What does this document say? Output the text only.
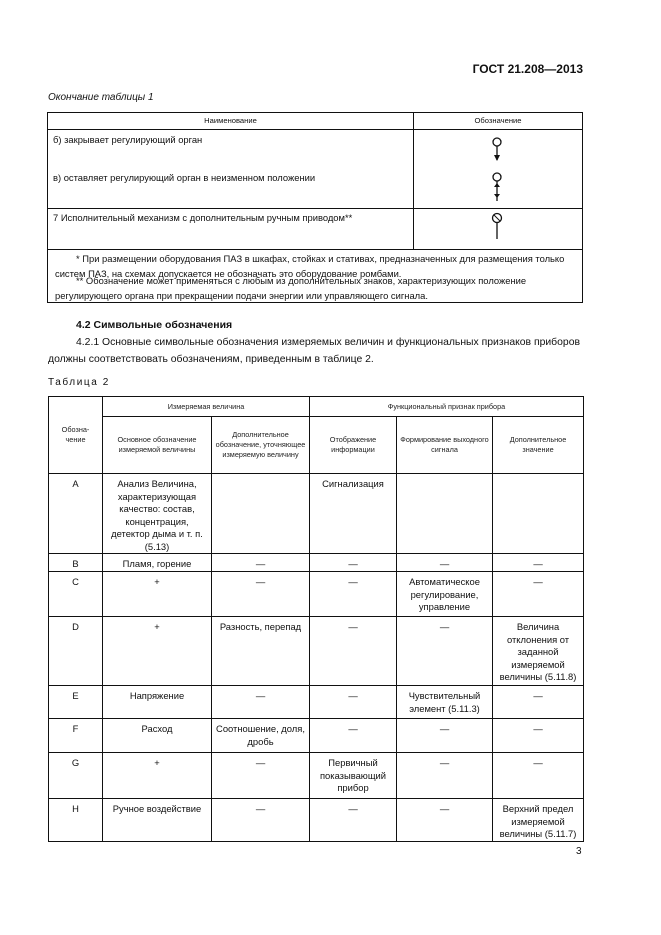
ГОСТ 21.208—2013
Окончание таблицы 1
Наименование	Обозначение
б) закрывает регулирующий орган
в) оставляет регулирующий орган в неизменном положении
7 Исполнительный механизм с дополнительным ручным приводом**
* При размещении оборудования ПАЗ в шкафах, стойках и стативах, предназначенных для размещения только систем ПАЗ, на схемах допускается не обозначать это оборудование ромбами.
** Обозначение может применяться с любым из дополнительных знаков, характеризующих положение регулирующего органа при прекращении подачи энергии или управляющего сигнала.
4.2 Символьные обозначения
4.2.1 Основные символьные обозначения измеряемых величин и функциональных признаков приборов должны соответствовать обозначениям, приведенным в таблице 2.
Таблица 2
Обозна-чение	Измеряемая величина		Функциональный признак прибора		
	Основное обозначение измеряемой величины	Дополнительное обозначение, уточняющее измеряемую величину	Отображение информации	Формирование выходного сигнала	Дополнительное значение
A	Анализ Величина, характеризующая качество: состав, концентрация, детектор дыма и т. п. (5.13)		Сигнализация		
B	Пламя, горение	—	—	—	—
C	+	—	—	Автоматическое регулирование, управление	—
D	+	Разность, перепад	—	—	Величина отклонения от заданной измеряемой величины (5.11.8)
E	Напряжение	—	—	Чувствительный элемент (5.11.3)	—
F	Расход	Соотношение, доля, дробь	—	—	—
G	+	—	Первичный показывающий прибор	—	—
H	Ручное воздействие	—	—	—	Верхний предел измеряемой величины (5.11.7)
3
